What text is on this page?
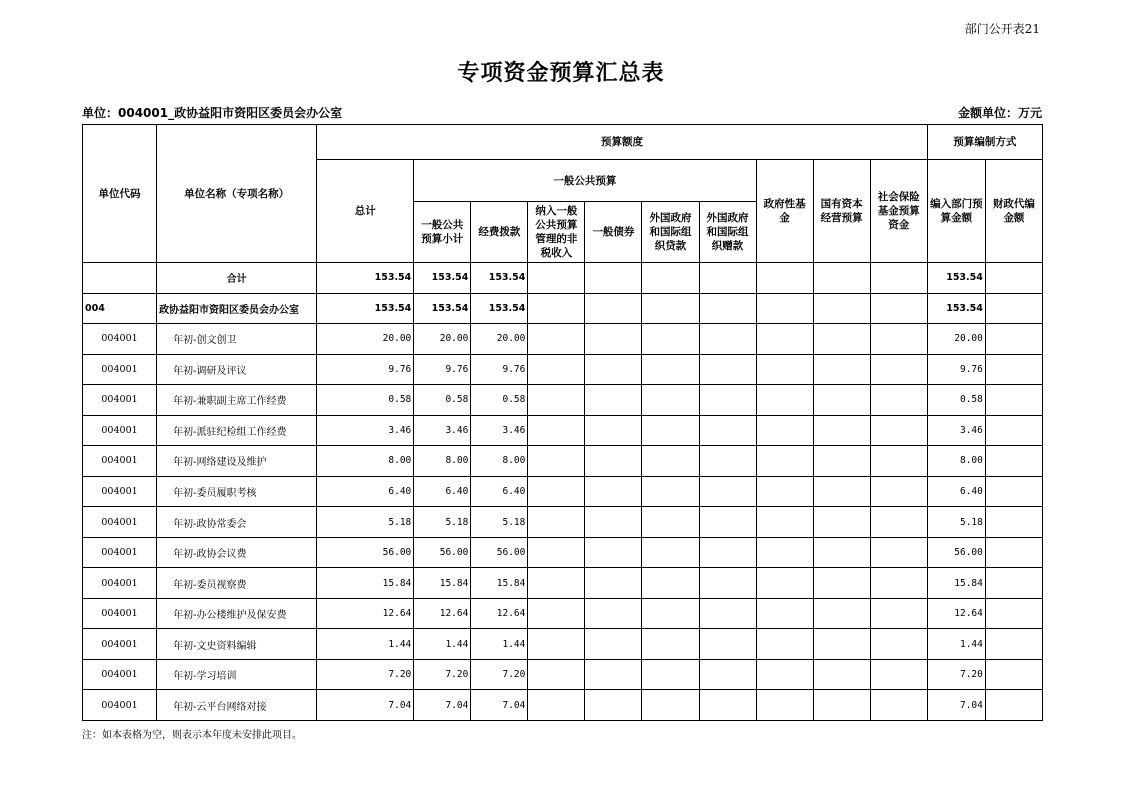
部门公开表21
专项资金预算汇总表
单位：004001_政协益阳市资阳区委员会办公室	金额单位：万元
单位代码	单位名称（专项名称）	预算额度										预算编制方式	
		总计	一般公共预算						政府性基金	国有资本经营预算	社会保险基金预算资金	编入部门预算金额	财政代编金额
			一般公共预算小计	经费拨款	纳入一般公共预算管理的非税收入	一般债券	外国政府和国际组织贷款	外国政府和国际组织赠款					
	合计	153.54	153.54	153.54								153.54	
004	政协益阳市资阳区委员会办公室	153.54	153.54	153.54								153.54	
004001	年初-创文创卫	20.00	20.00	20.00								20.00	
004001	年初-调研及评议	9.76	9.76	9.76								9.76	
004001	年初-兼职副主席工作经费	0.58	0.58	0.58								0.58	
004001	年初-派驻纪检组工作经费	3.46	3.46	3.46								3.46	
004001	年初-网络建设及维护	8.00	8.00	8.00								8.00	
004001	年初-委员履职考核	6.40	6.40	6.40								6.40	
004001	年初-政协常委会	5.18	5.18	5.18								5.18	
004001	年初-政协会议费	56.00	56.00	56.00								56.00	
004001	年初-委员视察费	15.84	15.84	15.84								15.84	
004001	年初-办公楼维护及保安费	12.64	12.64	12.64								12.64	
004001	年初-文史资料编辑	1.44	1.44	1.44								1.44	
004001	年初-学习培训	7.20	7.20	7.20								7.20	
004001	年初-云平台网络对接	7.04	7.04	7.04								7.04	
注：如本表格为空，则表示本年度未安排此项目。
